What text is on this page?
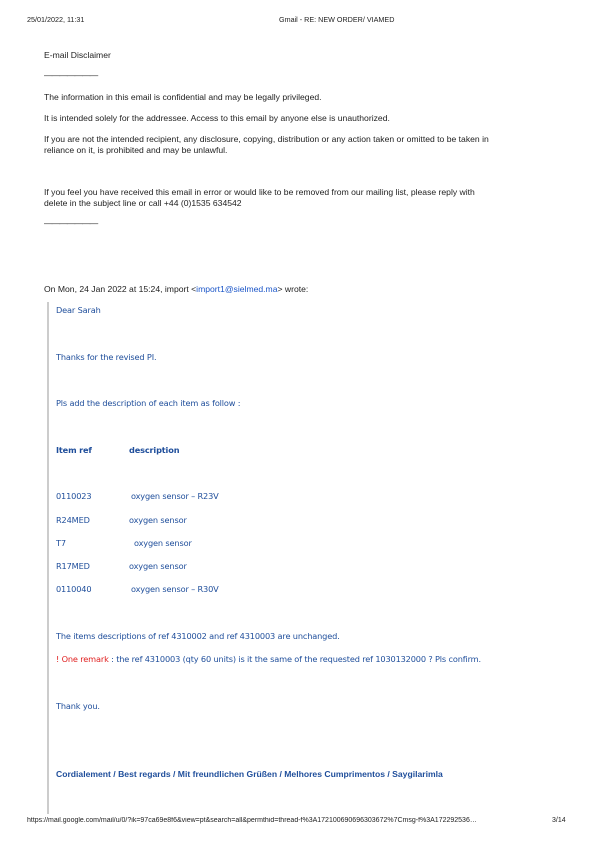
25/01/2022, 11:31	Gmail - RE: NEW ORDER/ VIAMED
E-mail Disclaimer
———————
The information in this email is confidential and may be legally privileged.
It is intended solely for the addressee. Access to this email by anyone else is unauthorized.
If you are not the intended recipient, any disclosure, copying, distribution or any action taken or omitted to be taken in
reliance on it, is prohibited and may be unlawful.
If you feel you have received this email in error or would like to be removed from our mailing list, please reply with
delete in the subject line or call +44 (0)1535 634542
———————
On Mon, 24 Jan 2022 at 15:24, import <import1@sielmed.ma> wrote:
Dear Sarah
Thanks for the revised PI.
Pls add the description of each item as follow :
Item ref	description
0110023	oxygen sensor – R23V
R24MED	oxygen sensor
T7	oxygen sensor
R17MED	oxygen sensor
0110040	oxygen sensor – R30V
The items descriptions of ref 4310002 and ref 4310003 are unchanged.
! One remark : the ref 4310003 (qty 60 units) is it the same of the requested ref 1030132000 ? Pls confirm.
Thank you.
Cordialement / Best regards / Mit freundlichen Grüßen / Melhores Cumprimentos / Saygilarimla
https://mail.google.com/mail/u/0/?ik=97ca69e8f6&view=pt&search=all&permthid=thread-f%3A1721006906963036​72%7Cmsg-f%3A172292536…	3/14
